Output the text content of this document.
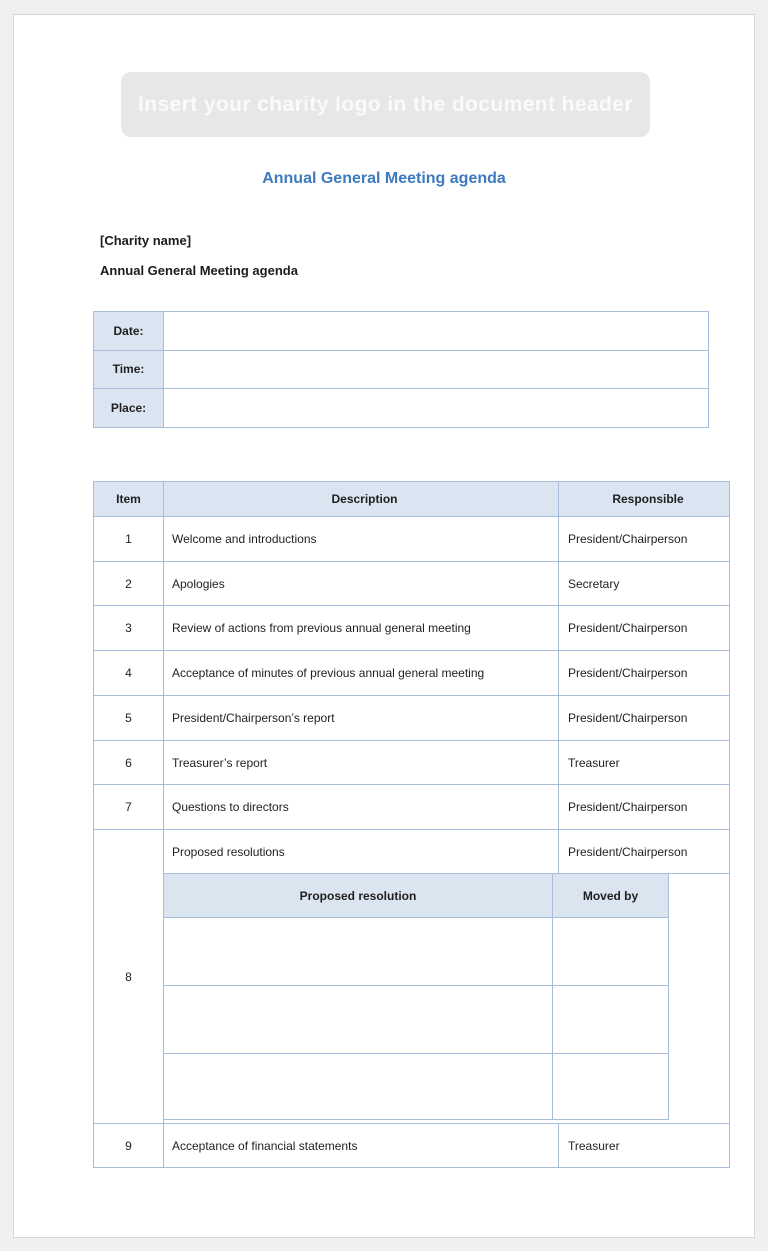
Insert your charity logo in the document header
Annual General Meeting agenda
[Charity name]
Annual General Meeting agenda
Date:	
Time:	
Place:	
Item	Description	Responsible
1	Welcome and introductions	President/Chairperson
2	Apologies	Secretary
3	Review of actions from previous annual general meeting	President/Chairperson
4	Acceptance of minutes of previous annual general meeting	President/Chairperson
5	President/Chairperson’s report	President/Chairperson
6	Treasurer’s report	Treasurer
7	Questions to directors	President/Chairperson
8	Proposed resolutions	President/Chairperson

Proposed resolution	Moved by

9	Acceptance of financial statements	Treasurer
